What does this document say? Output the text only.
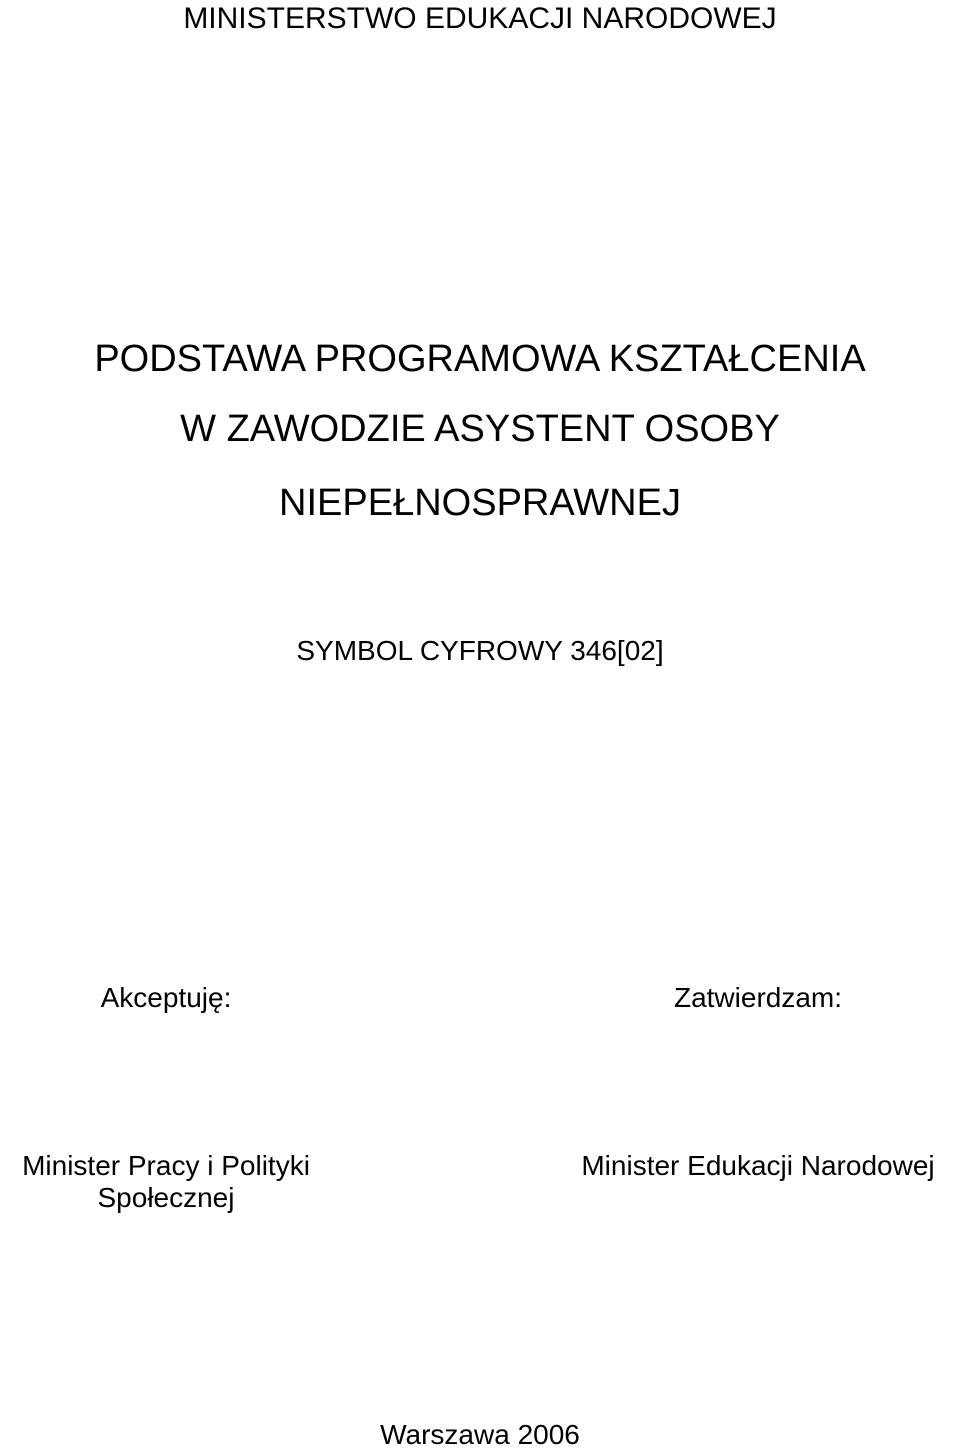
MINISTERSTWO EDUKACJI NARODOWEJ
PODSTAWA PROGRAMOWA KSZTAŁCENIA
W ZAWODZIE ASYSTENT OSOBY
NIEPEŁNOSPRAWNEJ
SYMBOL CYFROWY 346[02]
Akceptuję:	Zatwierdzam:
Minister Pracy i Polityki
Społecznej
Minister Edukacji Narodowej
Warszawa 2006
